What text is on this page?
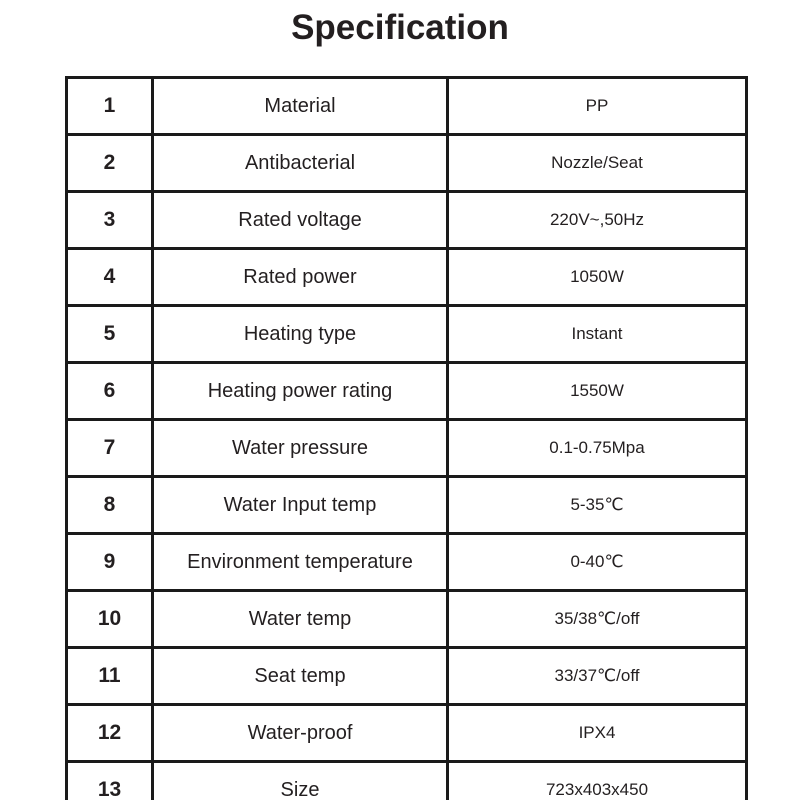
Specification
1	Material	PP
2	Antibacterial	Nozzle/Seat
3	Rated voltage	220V~,50Hz
4	Rated power	1050W
5	Heating type	Instant
6	Heating power rating	1550W
7	Water pressure	0.1-0.75Mpa
8	Water Input temp	5-35℃
9	Environment temperature	0-40℃
10	Water temp	35/38℃/off
11	Seat temp	33/37℃/off
12	Water-proof	IPX4
13	Size	723x403x450
